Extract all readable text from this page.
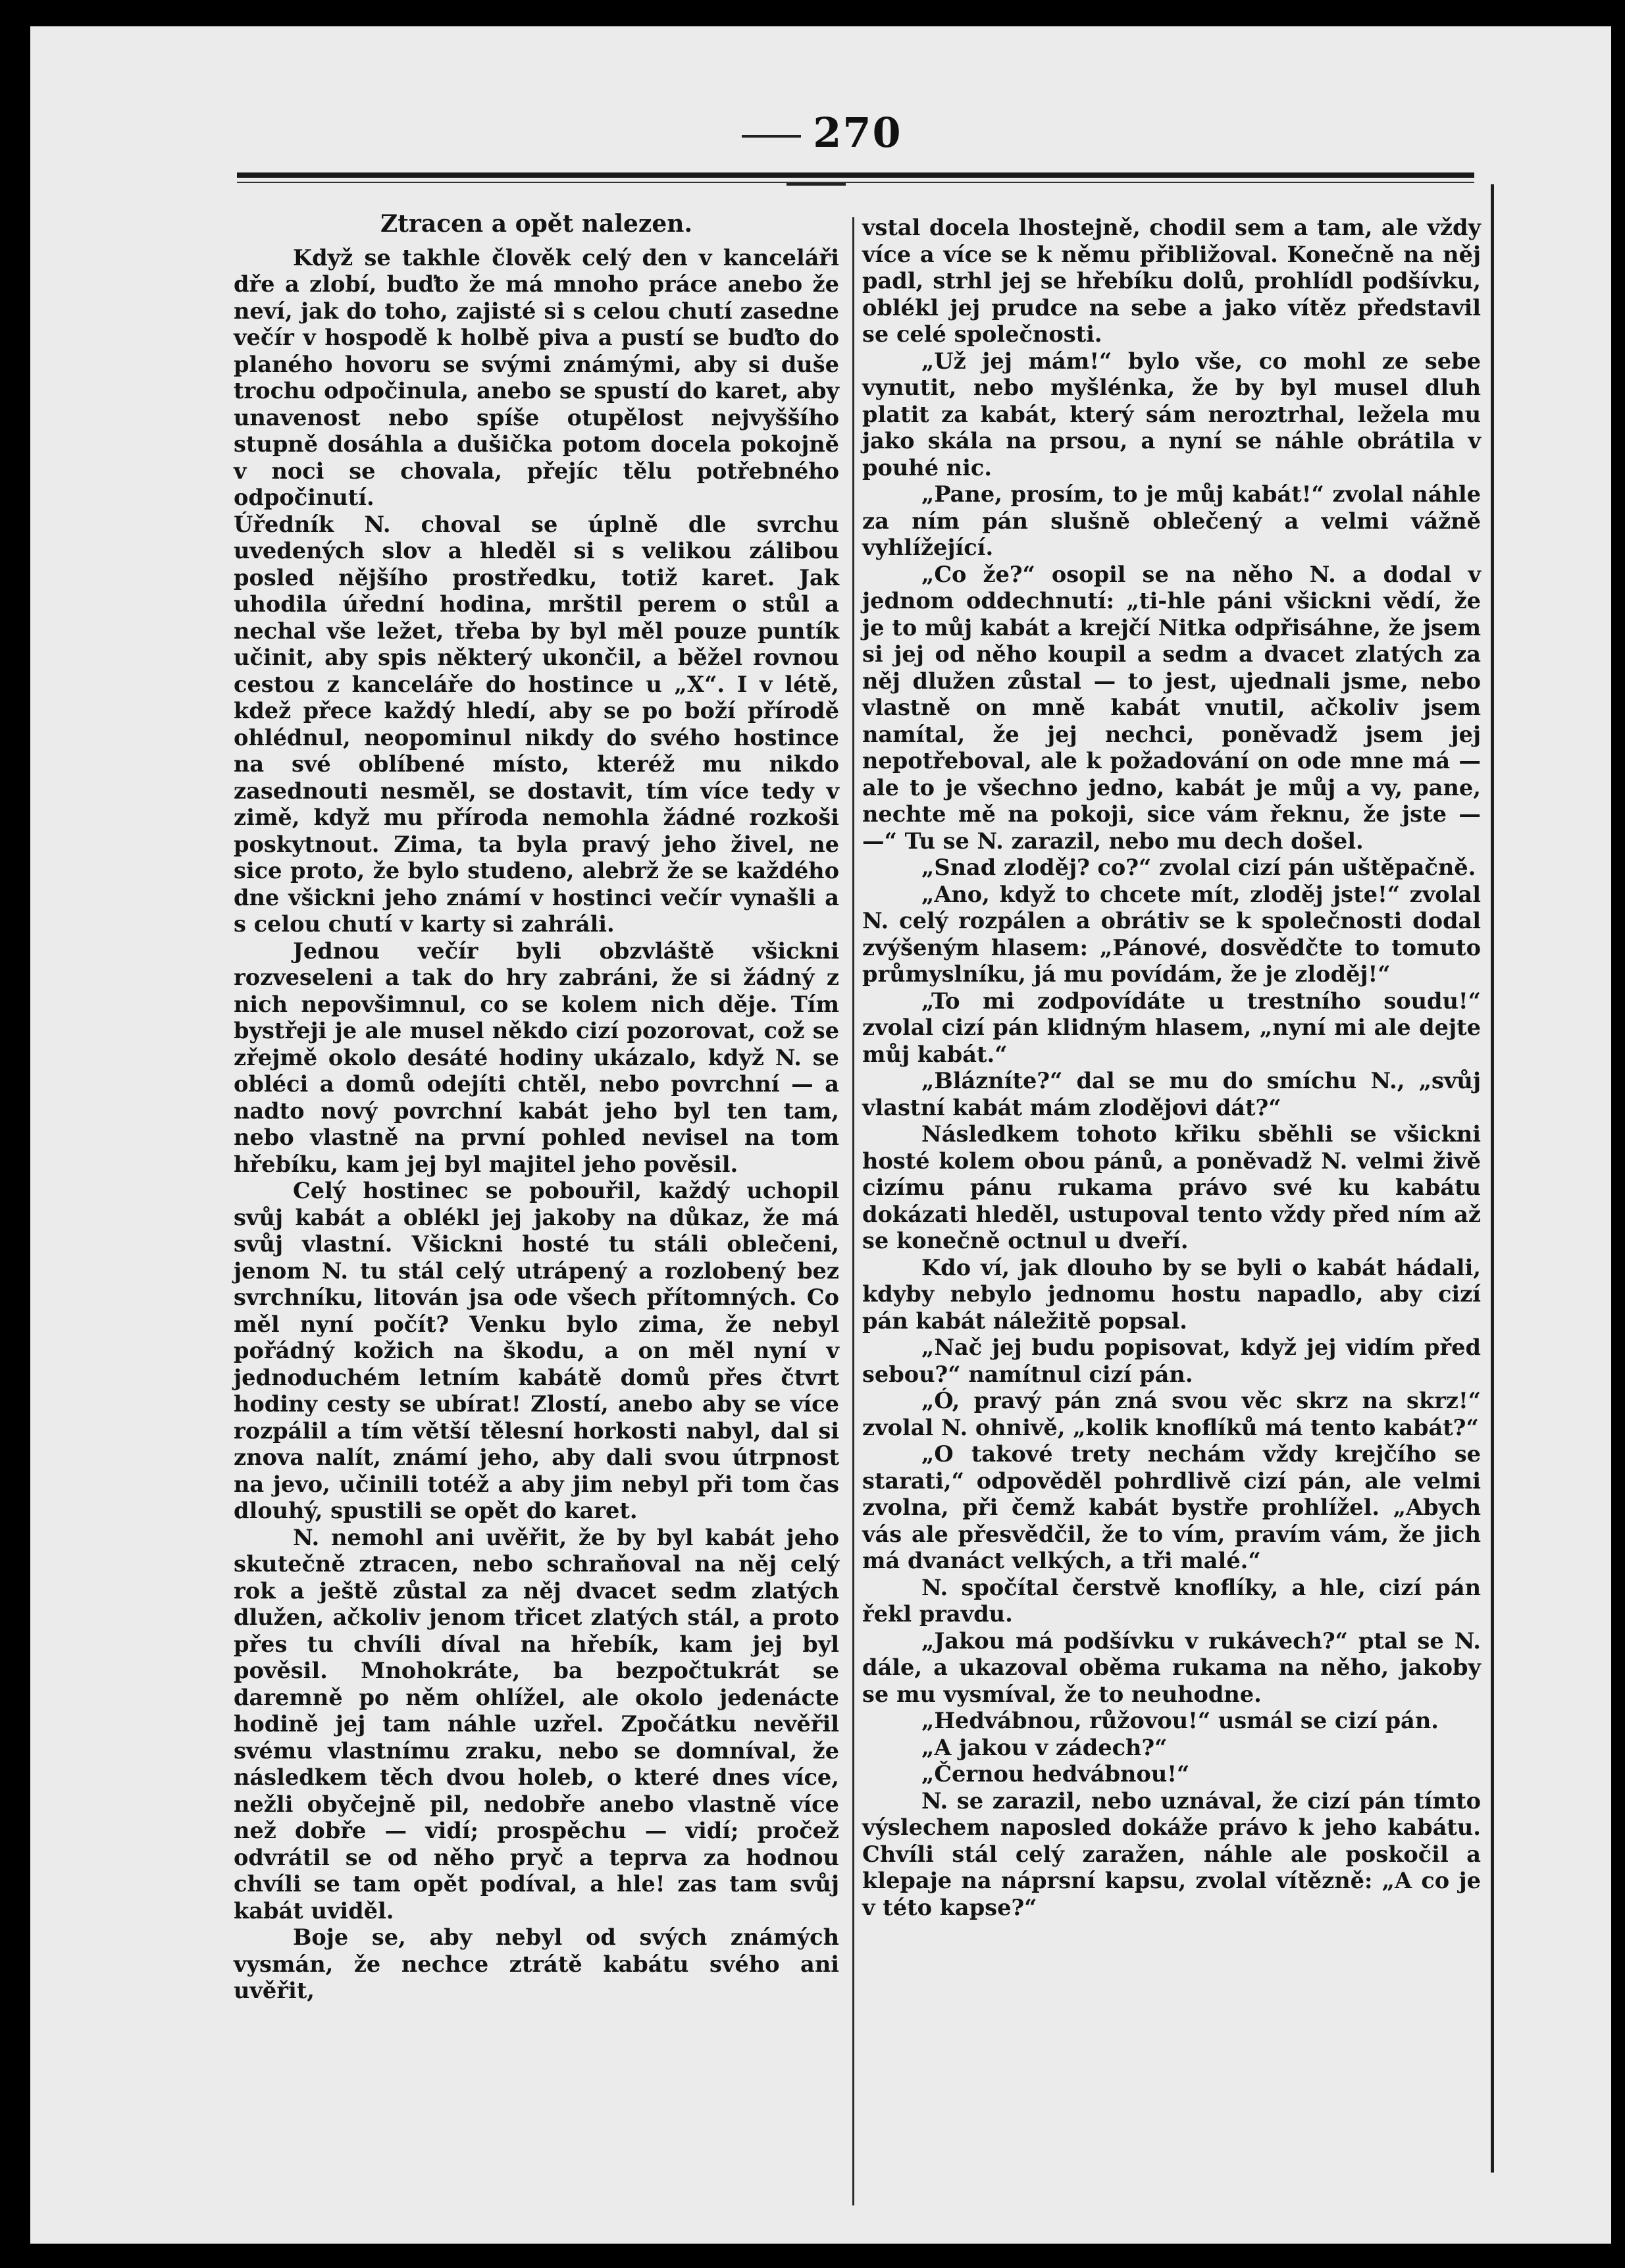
270
Ztracen a opět nalezen.

Když se takhle člověk celý den v kanceláři dře a zlobí, buďto že má mnoho práce anebo že neví, jak do toho, zajisté si s celou chutí zasedne večír v hospodě k holbě piva a pustí se buďto do planého hovoru se svými známými, aby si duše trochu odpočinula, anebo se spustí do karet, aby unavenost nebo spíše otupělost nejvyššího stupně dosáhla a dušička potom docela pokojně v noci se chovala, přejíc tělu potřebného odpočinutí.

Úředník N. choval se úplně dle svrchu uvedených slov a hleděl si s velikou zálibou posled nějšího prostředku, totiž karet. Jak uhodila úřední hodina, mrštil perem o stůl a nechal vše ležet, třeba by byl měl pouze puntík učinit, aby spis některý ukončil, a běžel rovnou cestou z kanceláře do hostince u „X“. I v létě, kdež přece každý hledí, aby se po boží přírodě ohlédnul, neopominul nikdy do svého hostince na své oblíbené místo, kteréž mu nikdo zasednouti nesměl, se dostavit, tím více tedy v zimě, když mu příroda nemohla žádné rozkoši poskytnout. Zima, ta byla pravý jeho živel, ne sice proto, že bylo studeno, alebrž že se každého dne všickni jeho známí v hostinci večír vynašli a s celou chutí v karty si zahráli.

Jednou večír byli obzvláště všickni rozveseleni a tak do hry zabráni, že si žádný z nich nepovšimnul, co se kolem nich děje. Tím bystřeji je ale musel někdo cizí pozorovat, což se zřejmě okolo desáté hodiny ukázalo, když N. se obléci a domů odejíti chtěl, nebo povrchní — a nadto nový povrchní kabát jeho byl ten tam, nebo vlastně na první pohled nevisel na tom hřebíku, kam jej byl majitel jeho pověsil.

Celý hostinec se pobouřil, každý uchopil svůj kabát a oblékl jej jakoby na důkaz, že má svůj vlastní. Všickni hosté tu stáli oblečeni, jenom N. tu stál celý utrápený a rozlobený bez svrchníku, litován jsa ode všech přítomných. Co měl nyní počít? Venku bylo zima, že nebyl pořádný kožich na škodu, a on měl nyní v jednoduchém letním kabátě domů přes čtvrt hodiny cesty se ubírat! Zlostí, anebo aby se více rozpálil a tím větší tělesní horkosti nabyl, dal si znova nalít, známí jeho, aby dali svou útrpnost na jevo, učinili totéž a aby jim nebyl při tom čas dlouhý, spustili se opět do karet.

N. nemohl ani uvěřit, že by byl kabát jeho skutečně ztracen, nebo schraňoval na něj celý rok a ještě zůstal za něj dvacet sedm zlatých dlužen, ačkoliv jenom třicet zlatých stál, a proto přes tu chvíli díval na hřebík, kam jej byl pověsil. Mnohokráte, ba bezpočtukrát se daremně po něm ohlížel, ale okolo jedenácte hodině jej tam náhle uzřel. Zpočátku nevěřil svému vlastnímu zraku, nebo se domníval, že následkem těch dvou holeb, o které dnes více, nežli obyčejně pil, nedobře anebo vlastně více než dobře — vidí; prospěchu — vidí; pročež odvrátil se od něho pryč a teprva za hodnou chvíli se tam opět podíval, a hle! zas tam svůj kabát uviděl.

Boje se, aby nebyl od svých známých vysmán, že nechce ztrátě kabátu svého ani uvěřit,

vstal docela lhostejně, chodil sem a tam, ale vždy více a více se k němu přibližoval. Konečně na něj padl, strhl jej se hřebíku dolů, prohlídl podšívku, oblékl jej prudce na sebe a jako vítěz představil se celé společnosti.

„Už jej mám!“ bylo vše, co mohl ze sebe vynutit, nebo myšlénka, že by byl musel dluh platit za kabát, který sám neroztrhal, ležela mu jako skála na prsou, a nyní se náhle obrátila v pouhé nic.

„Pane, prosím, to je můj kabát!“ zvolal náhle za ním pán slušně oblečený a velmi vážně vyhlížející.

„Co že?“ osopil se na něho N. a dodal v jednom oddechnutí: „ti-hle páni všickni vědí, že je to můj kabát a krejčí Nitka odpřisáhne, že jsem si jej od něho koupil a sedm a dvacet zlatých za něj dlužen zůstal — to jest, ujednali jsme, nebo vlastně on mně kabát vnutil, ačkoliv jsem namítal, že jej nechci, poněvadž jsem jej nepotřeboval, ale k požadování on ode mne má — ale to je všechno jedno, kabát je můj a vy, pane, nechte mě na pokoji, sice vám řeknu, že jste — —“ Tu se N. zarazil, nebo mu dech došel.

„Snad zloděj? co?“ zvolal cizí pán uštěpačně.

„Ano, když to chcete mít, zloděj jste!“ zvolal N. celý rozpálen a obrátiv se k společnosti dodal zvýšeným hlasem: „Pánové, dosvědčte to tomuto průmyslníku, já mu povídám, že je zloděj!“

„To mi zodpovídáte u trestního soudu!“ zvolal cizí pán klidným hlasem, „nyní mi ale dejte můj kabát.“

„Blázníte?“ dal se mu do smíchu N., „svůj vlastní kabát mám zlodějovi dát?“

Následkem tohoto křiku sběhli se všickni hosté kolem obou pánů, a poněvadž N. velmi živě cizímu pánu rukama právo své ku kabátu dokázati hleděl, ustupoval tento vždy před ním až se konečně octnul u dveří.

Kdo ví, jak dlouho by se byli o kabát hádali, kdyby nebylo jednomu hostu napadlo, aby cizí pán kabát náležitě popsal.

„Nač jej budu popisovat, když jej vidím před sebou?“ namítnul cizí pán.

„Ó, pravý pán zná svou věc skrz na skrz!“ zvolal N. ohnivě, „kolik knoflíků má tento kabát?“

„O takové trety nechám vždy krejčího se starati,“ odpověděl pohrdlivě cizí pán, ale velmi zvolna, při čemž kabát bystře prohlížel. „Abych vás ale přesvědčil, že to vím, pravím vám, že jich má dvanáct velkých, a tři malé.“

N. spočítal čerstvě knoflíky, a hle, cizí pán řekl pravdu.

„Jakou má podšívku v rukávech?“ ptal se N. dále, a ukazoval oběma rukama na něho, jakoby se mu vysmíval, že to neuhodne.

„Hedvábnou, růžovou!“ usmál se cizí pán.

„A jakou v zádech?“

„Černou hedvábnou!“

N. se zarazil, nebo uznával, že cizí pán tímto výslechem naposled dokáže právo k jeho kabátu. Chvíli stál celý zaražen, náhle ale poskočil a klepaje na náprsní kapsu, zvolal vítězně: „A co je v této kapse?“
